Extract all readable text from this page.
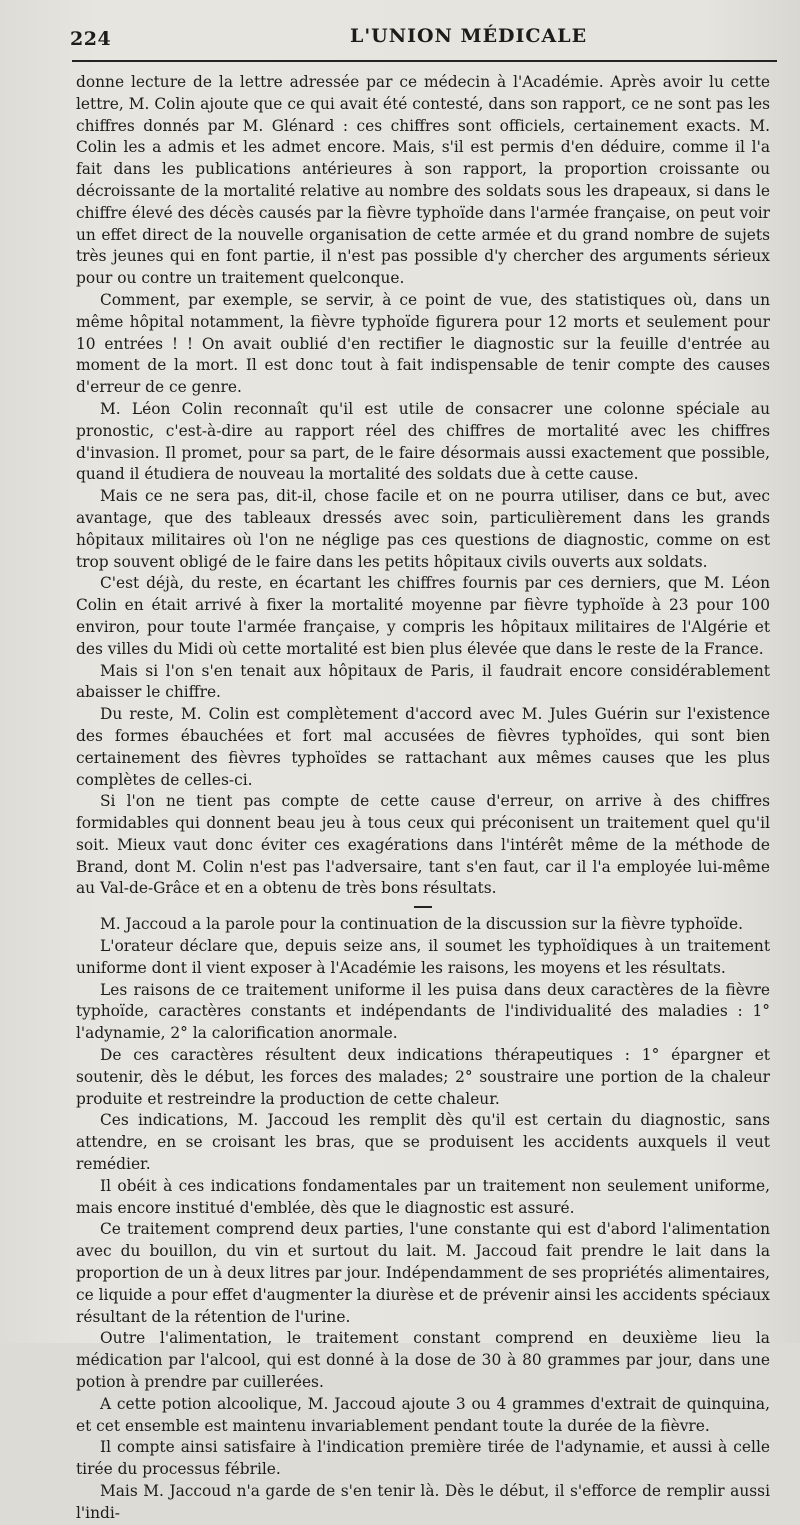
224	L'UNION MÉDICALE

donne lecture de la lettre adressée par ce médecin à l'Académie. Après avoir lu cette lettre, M. Colin ajoute que ce qui avait été contesté, dans son rapport, ce ne sont pas les chiffres donnés par M. Glénard : ces chiffres sont officiels, certainement exacts. M. Colin les a admis et les admet encore. Mais, s'il est permis d'en déduire, comme il l'a fait dans les publications antérieures à son rapport, la proportion croissante ou décroissante de la mortalité relative au nombre des soldats sous les drapeaux, si dans le chiffre élevé des décès causés par la fièvre typhoïde dans l'armée française, on peut voir un effet direct de la nouvelle organisation de cette armée et du grand nombre de sujets très jeunes qui en font partie, il n'est pas possible d'y chercher des arguments sérieux pour ou contre un traitement quelconque.

Comment, par exemple, se servir, à ce point de vue, des statistiques où, dans un même hôpital notamment, la fièvre typhoïde figurera pour 12 morts et seulement pour 10 entrées ! ! On avait oublié d'en rectifier le diagnostic sur la feuille d'entrée au moment de la mort. Il est donc tout à fait indispensable de tenir compte des causes d'erreur de ce genre.

M. Léon Colin reconnaît qu'il est utile de consacrer une colonne spéciale au pronostic, c'est-à-dire au rapport réel des chiffres de mortalité avec les chiffres d'invasion. Il promet, pour sa part, de le faire désormais aussi exactement que possible, quand il étudiera de nouveau la mortalité des soldats due à cette cause.

Mais ce ne sera pas, dit-il, chose facile et on ne pourra utiliser, dans ce but, avec avantage, que des tableaux dressés avec soin, particulièrement dans les grands hôpitaux militaires où l'on ne néglige pas ces questions de diagnostic, comme on est trop souvent obligé de le faire dans les petits hôpitaux civils ouverts aux soldats.

C'est déjà, du reste, en écartant les chiffres fournis par ces derniers, que M. Léon Colin en était arrivé à fixer la mortalité moyenne par fièvre typhoïde à 23 pour 100 environ, pour toute l'armée française, y compris les hôpitaux militaires de l'Algérie et des villes du Midi où cette mortalité est bien plus élevée que dans le reste de la France.

Mais si l'on s'en tenait aux hôpitaux de Paris, il faudrait encore considérablement abaisser le chiffre.

Du reste, M. Colin est complètement d'accord avec M. Jules Guérin sur l'existence des formes ébauchées et fort mal accusées de fièvres typhoïdes, qui sont bien certainement des fièvres typhoïdes se rattachant aux mêmes causes que les plus complètes de celles-ci.

Si l'on ne tient pas compte de cette cause d'erreur, on arrive à des chiffres formidables qui donnent beau jeu à tous ceux qui préconisent un traitement quel qu'il soit. Mieux vaut donc éviter ces exagérations dans l'intérêt même de la méthode de Brand, dont M. Colin n'est pas l'adversaire, tant s'en faut, car il l'a employée lui-même au Val-de-Grâce et en a obtenu de très bons résultats.

M. Jaccoud a la parole pour la continuation de la discussion sur la fièvre typhoïde.

L'orateur déclare que, depuis seize ans, il soumet les typhoïdiques à un traitement uniforme dont il vient exposer à l'Académie les raisons, les moyens et les résultats.

Les raisons de ce traitement uniforme il les puisa dans deux caractères de la fièvre typhoïde, caractères constants et indépendants de l'individualité des maladies : 1° l'adynamie, 2° la calorification anormale.

De ces caractères résultent deux indications thérapeutiques : 1° épargner et soutenir, dès le début, les forces des malades; 2° soustraire une portion de la chaleur produite et restreindre la production de cette chaleur.

Ces indications, M. Jaccoud les remplit dès qu'il est certain du diagnostic, sans attendre, en se croisant les bras, que se produisent les accidents auxquels il veut remédier.

Il obéit à ces indications fondamentales par un traitement non seulement uniforme, mais encore institué d'emblée, dès que le diagnostic est assuré.

Ce traitement comprend deux parties, l'une constante qui est d'abord l'alimentation avec du bouillon, du vin et surtout du lait. M. Jaccoud fait prendre le lait dans la proportion de un à deux litres par jour. Indépendamment de ses propriétés alimentaires, ce liquide a pour effet d'augmenter la diurèse et de prévenir ainsi les accidents spéciaux résultant de la rétention de l'urine.

Outre l'alimentation, le traitement constant comprend en deuxième lieu la médication par l'alcool, qui est donné à la dose de 30 à 80 grammes par jour, dans une potion à prendre par cuillerées.

A cette potion alcoolique, M. Jaccoud ajoute 3 ou 4 grammes d'extrait de quinquina, et cet ensemble est maintenu invariablement pendant toute la durée de la fièvre.

Il compte ainsi satisfaire à l'indication première tirée de l'adynamie, et aussi à celle tirée du processus fébrile.

Mais M. Jaccoud n'a garde de s'en tenir là. Dès le début, il s'efforce de remplir aussi l'indi-
